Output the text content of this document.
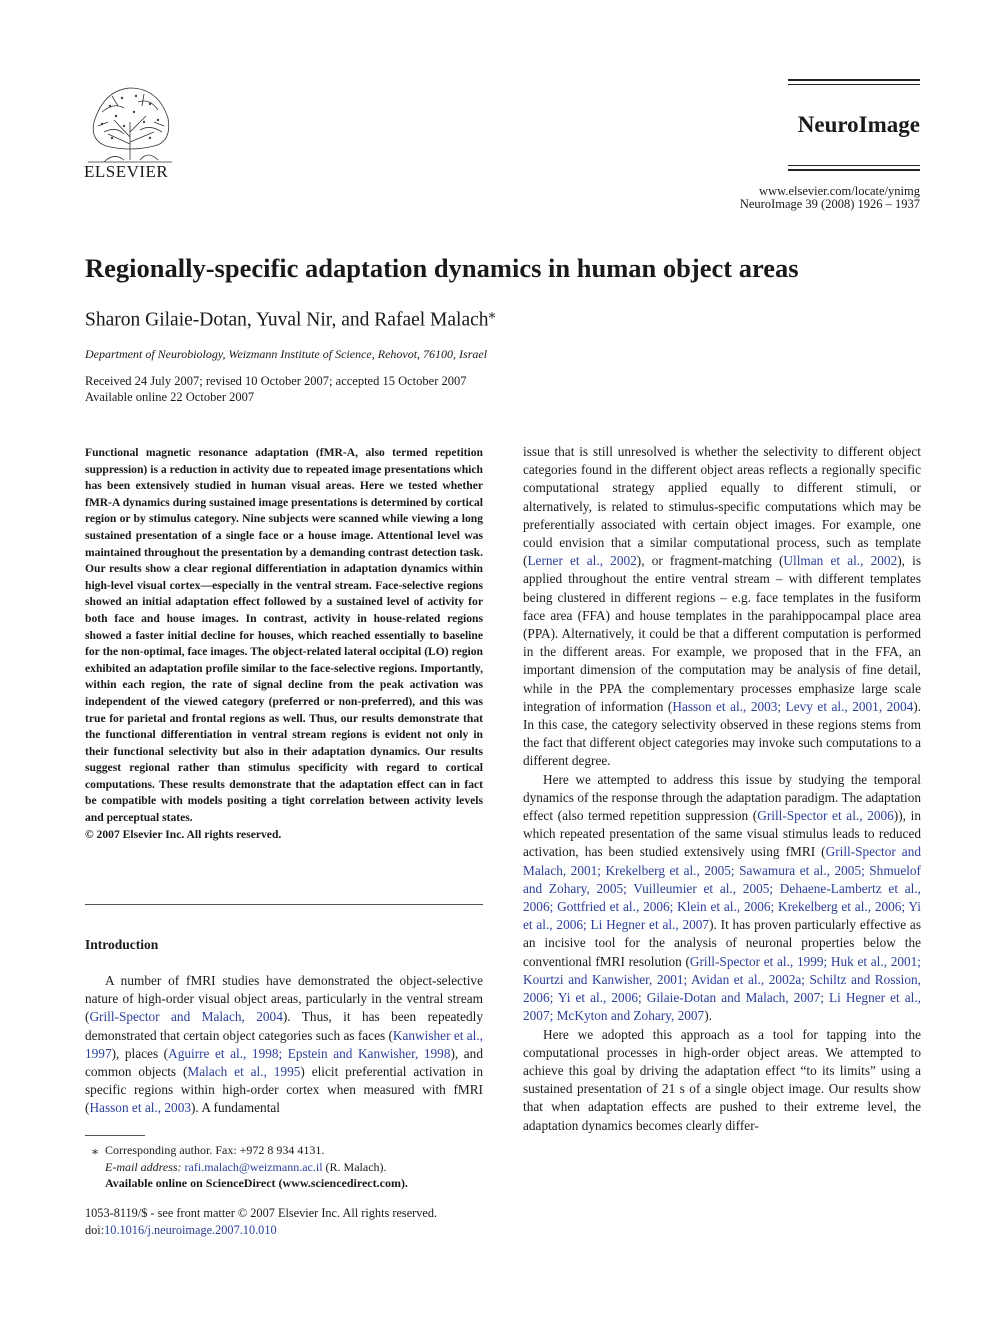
ELSEVIER
NeuroImage
www.elsevier.com/locate/ynimg
NeuroImage 39 (2008) 1926 – 1937
Regionally-specific adaptation dynamics in human object areas
Sharon Gilaie-Dotan, Yuval Nir, and Rafael Malach⁎
Department of Neurobiology, Weizmann Institute of Science, Rehovot, 76100, Israel
Received 24 July 2007; revised 10 October 2007; accepted 15 October 2007
Available online 22 October 2007
Functional magnetic resonance adaptation (fMR-A, also termed repetition suppression) is a reduction in activity due to repeated image presentations which has been extensively studied in human visual areas. Here we tested whether fMR-A dynamics during sustained image presentations is determined by cortical region or by stimulus category. Nine subjects were scanned while viewing a long sustained presentation of a single face or a house image. Attentional level was maintained throughout the presentation by a demanding contrast detection task. Our results show a clear regional differentiation in adaptation dynamics within high-level visual cortex—especially in the ventral stream. Face-selective regions showed an initial adaptation effect followed by a sustained level of activity for both face and house images. In contrast, activity in house-related regions showed a faster initial decline for houses, which reached essentially to baseline for the non-optimal, face images. The object-related lateral occipital (LO) region exhibited an adaptation profile similar to the face-selective regions. Importantly, within each region, the rate of signal decline from the peak activation was independent of the viewed category (preferred or non-preferred), and this was true for parietal and frontal regions as well. Thus, our results demonstrate that the functional differentiation in ventral stream regions is evident not only in their functional selectivity but also in their adaptation dynamics. Our results suggest regional rather than stimulus specificity with regard to cortical computations. These results demonstrate that the adaptation effect can in fact be compatible with models positing a tight correlation between activity levels and perceptual states.
© 2007 Elsevier Inc. All rights reserved.
Introduction

A number of fMRI studies have demonstrated the object-selective nature of high-order visual object areas, particularly in the ventral stream (Grill-Spector and Malach, 2004). Thus, it has been repeatedly demonstrated that certain object categories such as faces (Kanwisher et al., 1997), places (Aguirre et al., 1998; Epstein and Kanwisher, 1998), and common objects (Malach et al., 1995) elicit preferential activation in specific regions within high-order cortex when measured with fMRI (Hasson et al., 2003). A fundamental

issue that is still unresolved is whether the selectivity to different object categories found in the different object areas reflects a regionally specific computational strategy applied equally to different stimuli, or alternatively, is related to stimulus-specific computations which may be preferentially associated with certain object images. For example, one could envision that a similar computational process, such as template (Lerner et al., 2002), or fragment-matching (Ullman et al., 2002), is applied throughout the entire ventral stream – with different templates being clustered in different regions – e.g. face templates in the fusiform face area (FFA) and house templates in the parahippocampal place area (PPA). Alternatively, it could be that a different computation is performed in the different areas. For example, we proposed that in the FFA, an important dimension of the computation may be analysis of fine detail, while in the PPA the complementary processes emphasize large scale integration of information (Hasson et al., 2003; Levy et al., 2001, 2004). In this case, the category selectivity observed in these regions stems from the fact that different object categories may invoke such computations to a different degree.

Here we attempted to address this issue by studying the temporal dynamics of the response through the adaptation paradigm. The adaptation effect (also termed repetition suppression (Grill-Spector et al., 2006)), in which repeated presentation of the same visual stimulus leads to reduced activation, has been studied extensively using fMRI (Grill-Spector and Malach, 2001; Krekelberg et al., 2005; Sawamura et al., 2005; Shmuelof and Zohary, 2005; Vuilleumier et al., 2005; Dehaene-Lambertz et al., 2006; Gottfried et al., 2006; Klein et al., 2006; Krekelberg et al., 2006; Yi et al., 2006; Li Hegner et al., 2007). It has proven particularly effective as an incisive tool for the analysis of neuronal properties below the conventional fMRI resolution (Grill-Spector et al., 1999; Huk et al., 2001; Kourtzi and Kanwisher, 2001; Avidan et al., 2002a; Schiltz and Rossion, 2006; Yi et al., 2006; Gilaie-Dotan and Malach, 2007; Li Hegner et al., 2007; McKyton and Zohary, 2007).

Here we adopted this approach as a tool for tapping into the computational processes in high-order object areas. We attempted to achieve this goal by driving the adaptation effect “to its limits” using a sustained presentation of 21 s of a single object image. Our results show that when adaptation effects are pushed to their extreme level, the adaptation dynamics becomes clearly differ-

⁎ Corresponding author. Fax: +972 8 934 4131.
E-mail address: rafi.malach@weizmann.ac.il (R. Malach).
Available online on ScienceDirect (www.sciencedirect.com).
1053-8119/$ - see front matter © 2007 Elsevier Inc. All rights reserved.
doi:10.1016/j.neuroimage.2007.10.010
